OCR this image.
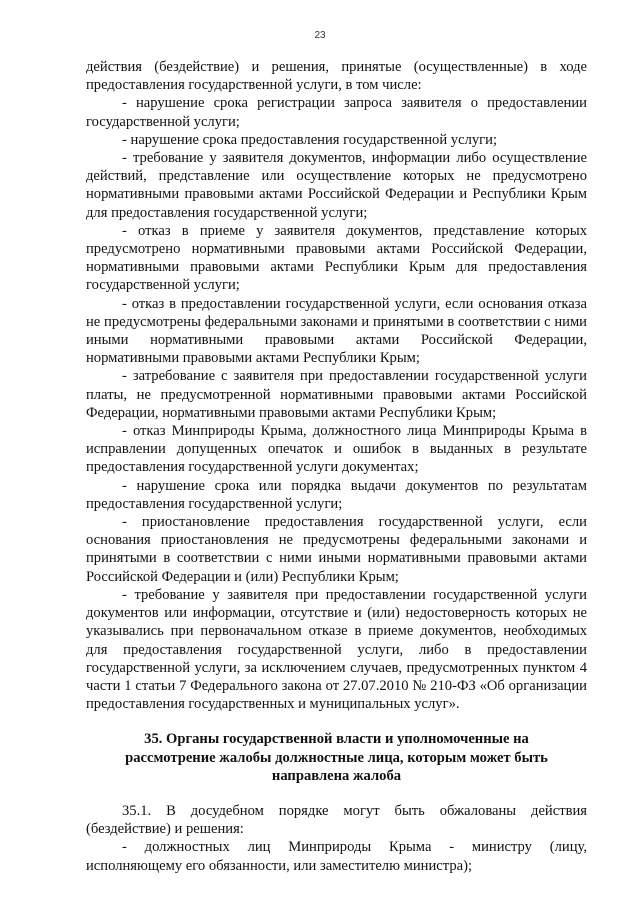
23

действия (бездействие) и решения, принятые (осуществленные) в ходе предоставления государственной услуги, в том числе:

- нарушение срока регистрации запроса заявителя о предоставлении государственной услуги;

- нарушение срока предоставления государственной услуги;

- требование у заявителя документов, информации либо осуществление действий, представление или осуществление которых не предусмотрено нормативными правовыми актами Российской Федерации и Республики Крым для предоставления государственной услуги;

- отказ в приеме у заявителя документов, представление которых предусмотрено нормативными правовыми актами Российской Федерации, нормативными правовыми актами Республики Крым для предоставления государственной услуги;

- отказ в предоставлении государственной услуги, если основания отказа не предусмотрены федеральными законами и принятыми в соответствии с ними иными нормативными правовыми актами Российской Федерации, нормативными правовыми актами Республики Крым;

- затребование с заявителя при предоставлении государственной услуги платы, не предусмотренной нормативными правовыми актами Российской Федерации, нормативными правовыми актами Республики Крым;

- отказ Минприроды Крыма, должностного лица Минприроды Крыма в исправлении допущенных опечаток и ошибок в выданных в результате предоставления государственной услуги документах;

- нарушение срока или порядка выдачи документов по результатам предоставления государственной услуги;

- приостановление предоставления государственной услуги, если основания приостановления не предусмотрены федеральными законами и принятыми в соответствии с ними иными нормативными правовыми актами Российской Федерации и (или) Республики Крым;

- требование у заявителя при предоставлении государственной услуги документов или информации, отсутствие и (или) недостоверность которых не указывались при первоначальном отказе в приеме документов, необходимых для предоставления государственной услуги, либо в предоставлении государственной услуги, за исключением случаев, предусмотренных пунктом 4 части 1 статьи 7 Федерального закона от 27.07.2010 № 210-ФЗ «Об организации предоставления государственных и муниципальных услуг».

35. Органы государственной власти и уполномоченные на рассмотрение жалобы должностные лица, которым может быть направлена жалоба

35.1. В досудебном порядке могут быть обжалованы действия (бездействие) и решения:

- должностных лиц Минприроды Крыма - министру (лицу, исполняющему его обязанности, или заместителю министра);
